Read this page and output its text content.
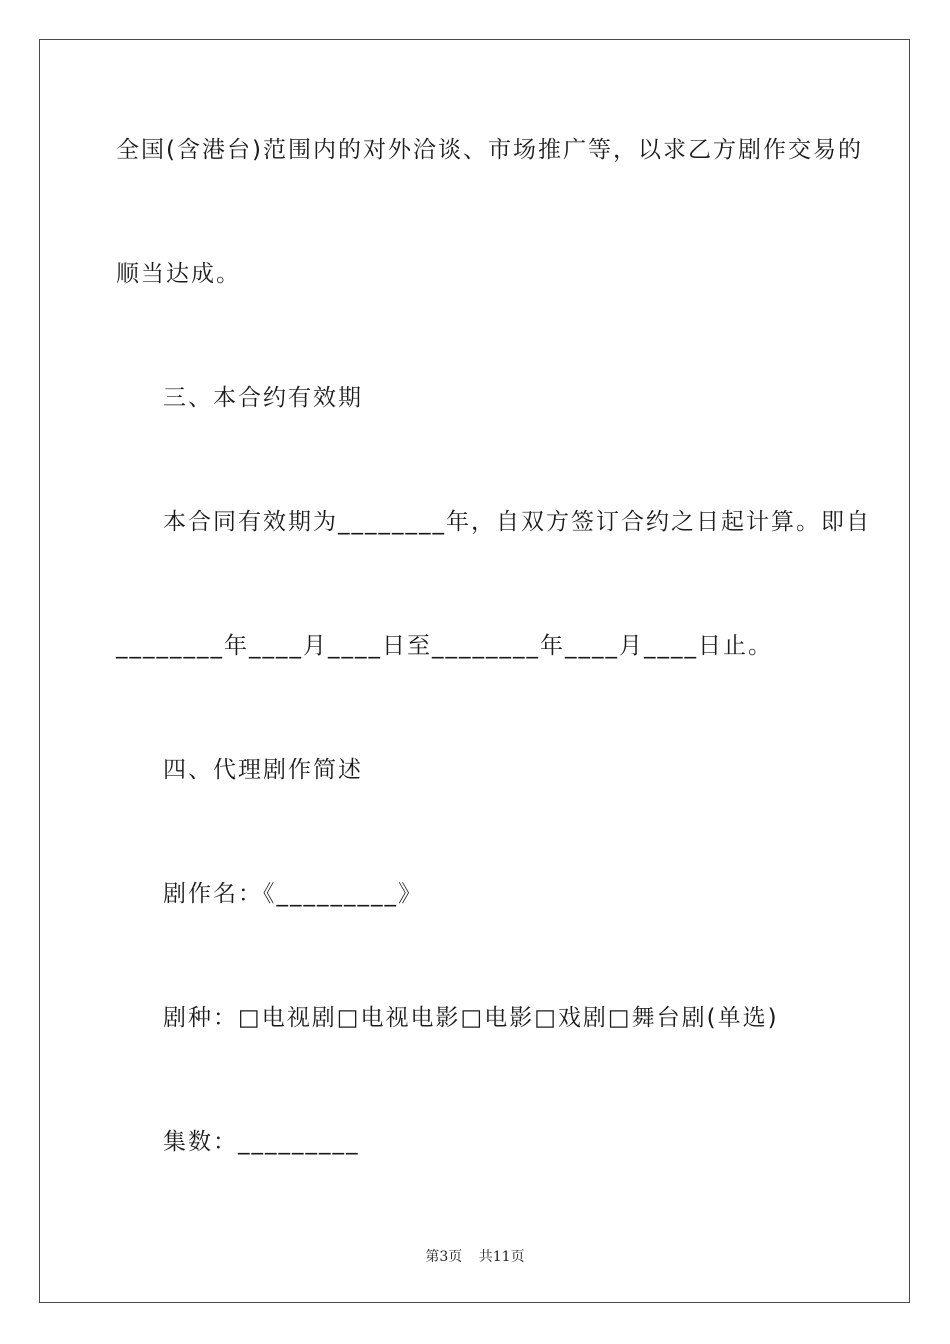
全国(含港台)范围内的对外洽谈、市场推广等，以求乙方剧作交易的
顺当达成。
三、本合约有效期
本合同有效期为________年，自双方签订合约之日起计算。即自
________年____月____日至________年____月____日止。
四、代理剧作简述
剧作名：《_________》
剧种：□电视剧□电视电影□电影□戏剧□舞台剧(单选)
集数：_________
第3页 共11页
